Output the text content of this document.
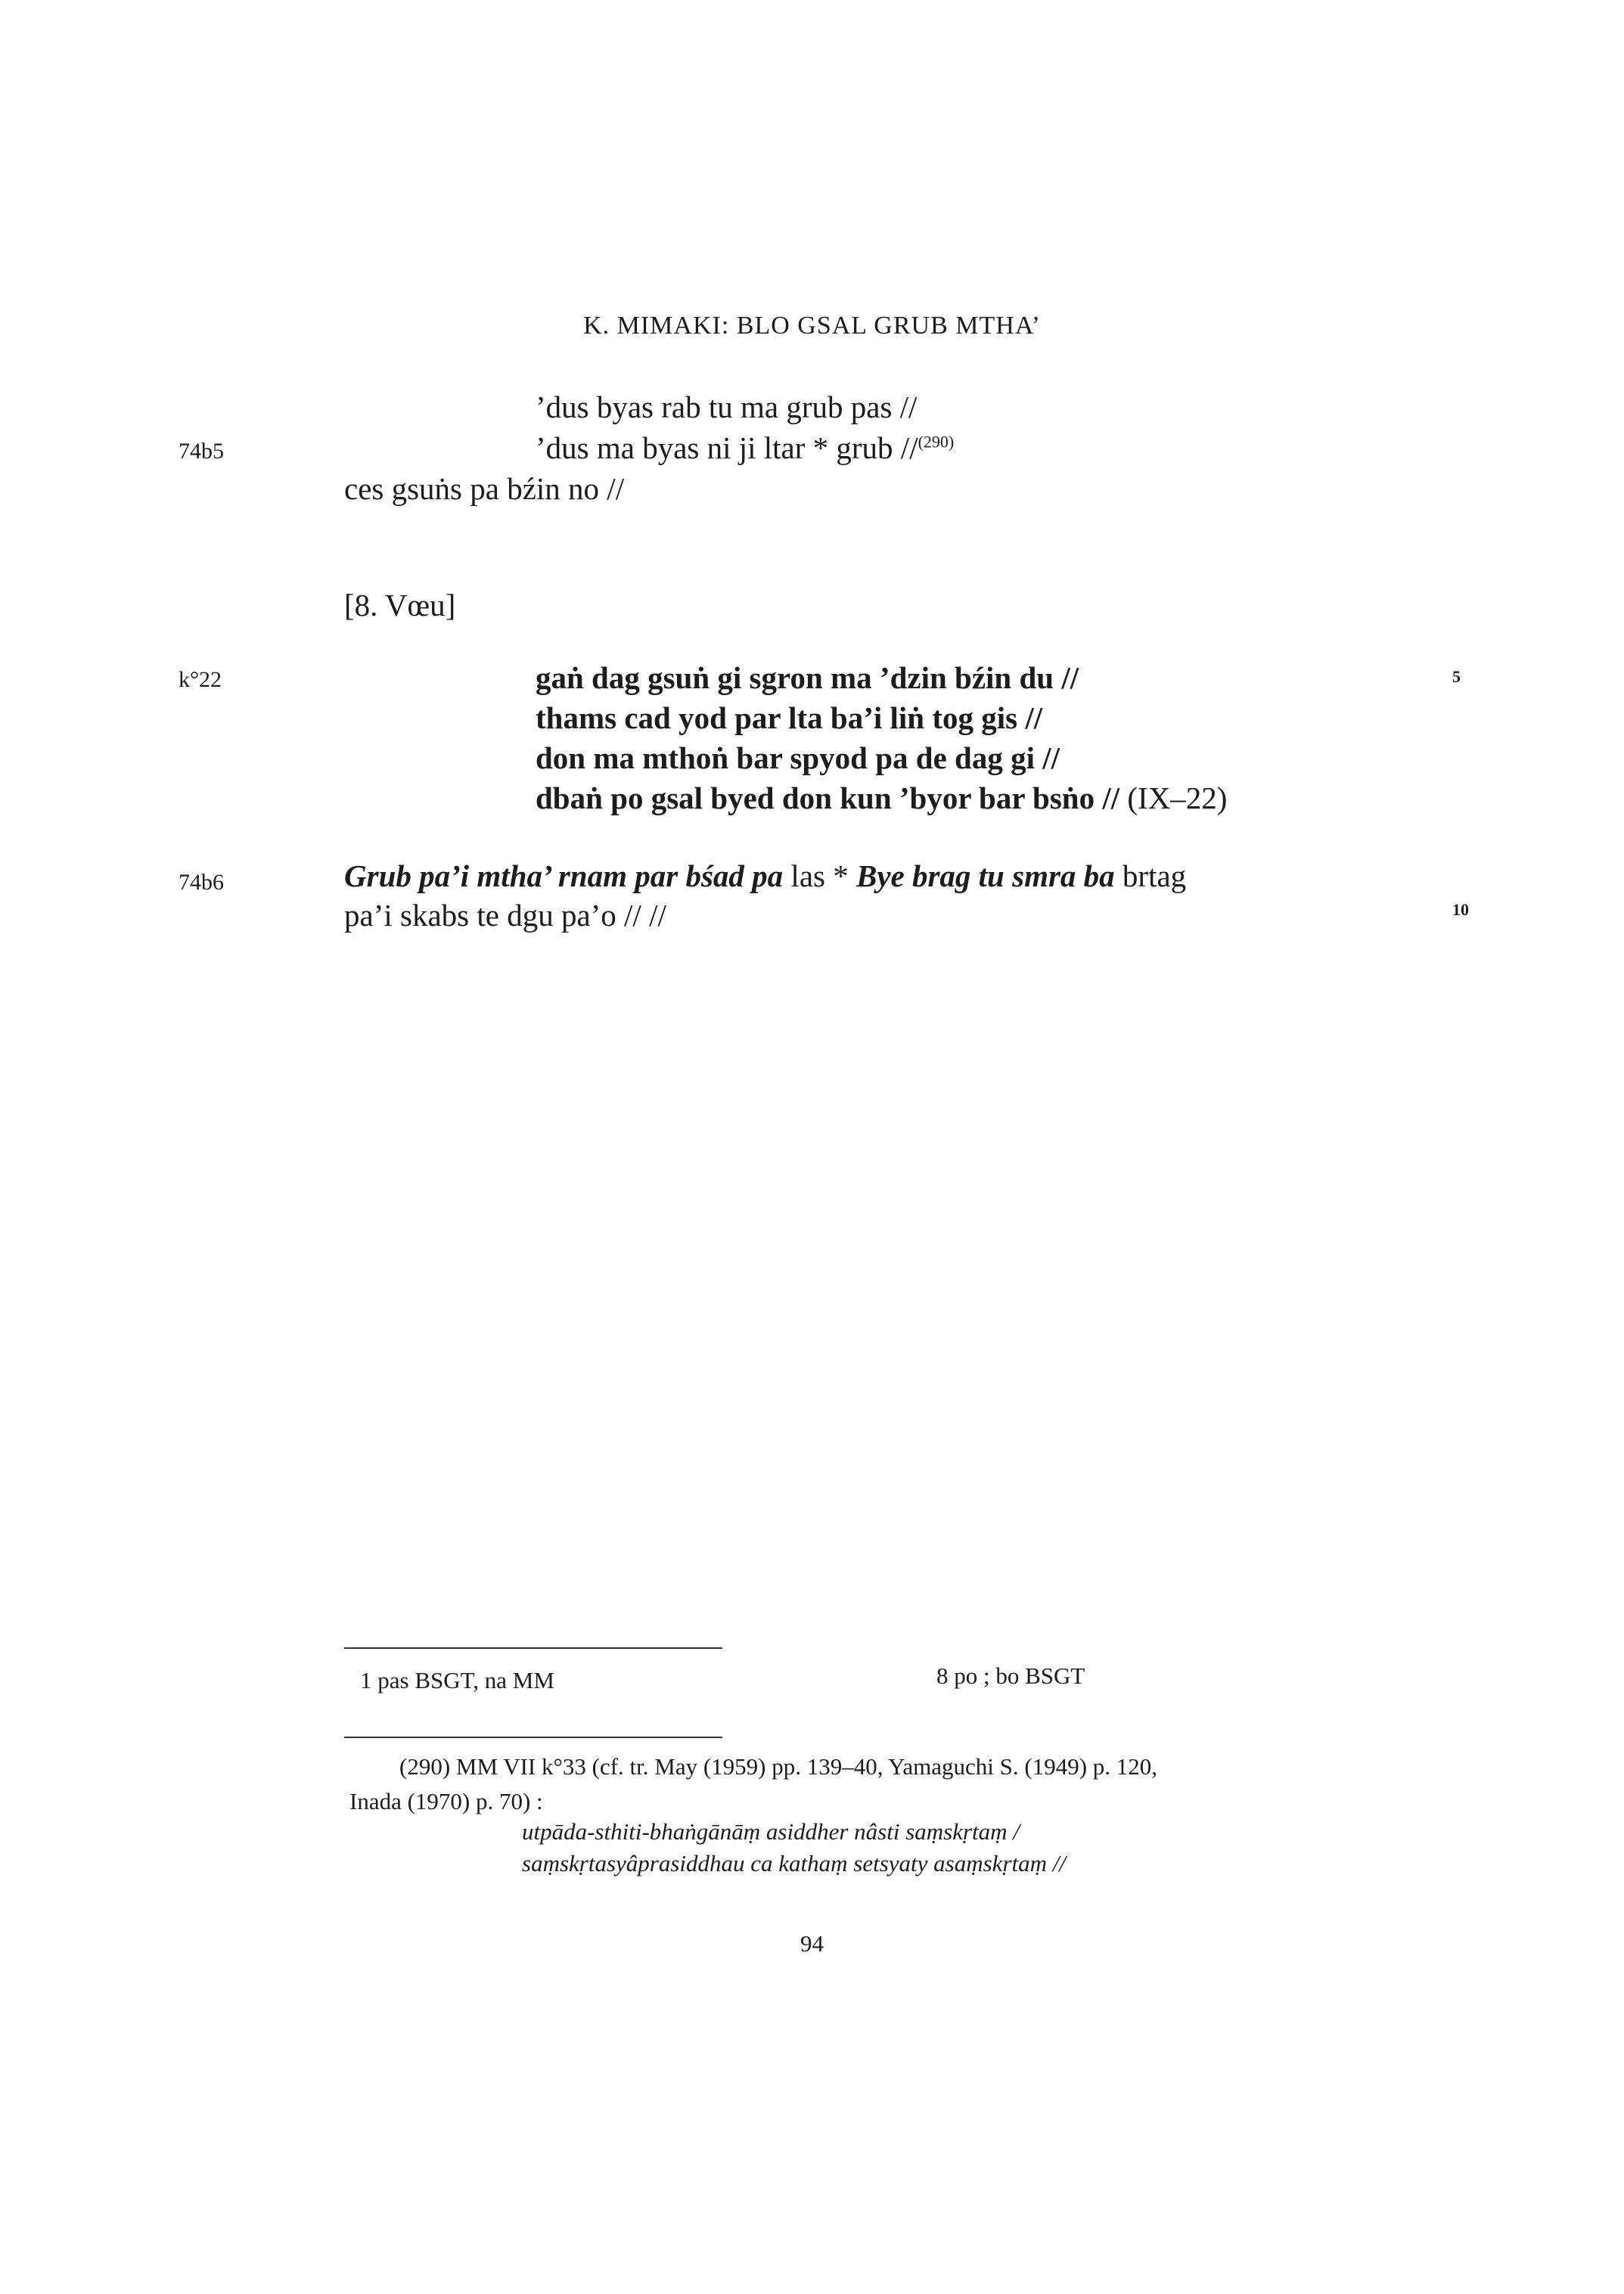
K. MIMAKI: BLO GSAL GRUB MTHA’
’dus byas rab tu ma grub pas //
74b5	’dus ma byas ni ji ltar * grub //$^{(290)}$
ces gsuṅs pa bźin no //
[8. Vœu]
k°22	5
gaṅ dag gsuṅ gi sgron ma ’dzin bźin du //
thams cad yod par lta ba’i liṅ tog gis //
don ma mthoṅ bar spyod pa de dag gi //
dbaṅ po gsal byed don kun ’byor bar bsṅo // (IX–22)
74b6	Grub pa’i mtha’ rnam par bśad pa las * Bye brag tu smra ba brtag
10
pa’i skabs te dgu pa’o // //
1 pas BSGT, na MM	8 po ; bo BSGT
(290) MM VII k°33 (cf. tr. May (1959) pp. 139–40, Yamaguchi S. (1949) p. 120,
Inada (1970) p. 70) :
utpāda-sthiti-bhaṅgānāṃ asiddher nâsti saṃskṛtaṃ /
saṃskṛtasyâprasiddhau ca kathaṃ setsyaty asaṃskṛtaṃ //
94
